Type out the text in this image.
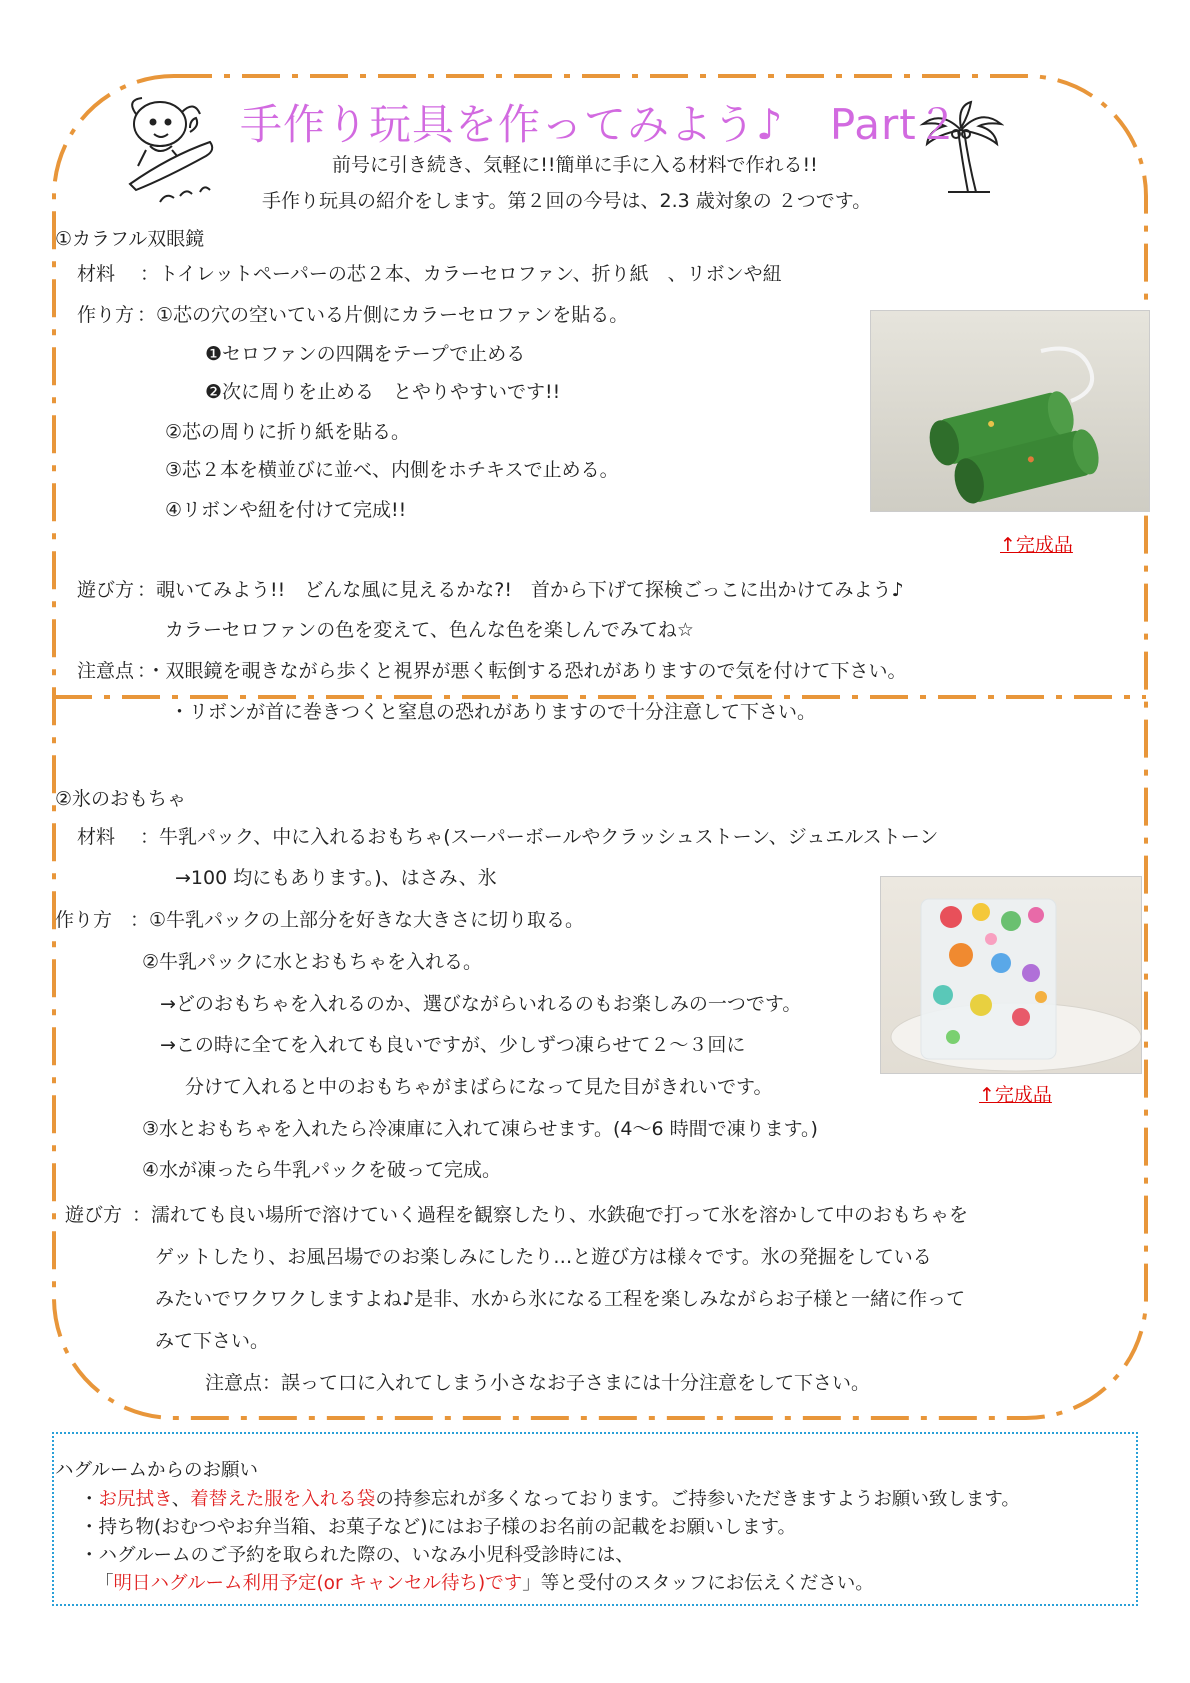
手作り玩具を作ってみよう♪ Part２
前号に引き続き、気軽に!!簡単に手に入る材料で作れる!!
手作り玩具の紹介をします。第２回の今号は、2.3 歳対象の ２つです。
①カラフル双眼鏡
材料 ：トイレットペーパーの芯２本、カラーセロファン、折り紙　、リボンや紐
作り方 ：①芯の穴の空いている片側にカラーセロファンを貼る。
❶セロファンの四隅をテープで止める
❷次に周りを止める　とやりやすいです!!
②芯の周りに折り紙を貼る。
③芯２本を横並びに並べ、内側をホチキスで止める。
④リボンや紐を付けて完成!!
↑完成品
遊び方 ：覗いてみよう!!　どんな風に見えるかな?!　首から下げて探検ごっこに出かけてみよう♪
カラーセロファンの色を変えて、色んな色を楽しんでみてね☆
注意点 ：・双眼鏡を覗きながら歩くと視界が悪く転倒する恐れがありますので気を付けて下さい。
・リボンが首に巻きつくと窒息の恐れがありますので十分注意して下さい。
②氷のおもちゃ
材料 ：牛乳パック、中に入れるおもちゃ(スーパーボールやクラッシュストーン、ジュエルストーン
→100 均にもあります。)、はさみ、氷
作り方 ：①牛乳パックの上部分を好きな大きさに切り取る。
②牛乳パックに水とおもちゃを入れる。
→どのおもちゃを入れるのか、選びながらいれるのもお楽しみの一つです。
→この時に全てを入れても良いですが、少しずつ凍らせて２～３回に
分けて入れると中のおもちゃがまばらになって見た目がきれいです。
③水とおもちゃを入れたら冷凍庫に入れて凍らせます。(4～6 時間で凍ります。)
④水が凍ったら牛乳パックを破って完成。
↑完成品
遊び方 ：濡れても良い場所で溶けていく過程を観察したり、水鉄砲で打って氷を溶かして中のおもちゃを
ゲットしたり、お風呂場でのお楽しみにしたり…と遊び方は様々です。氷の発掘をしている
みたいでワクワクしますよね♪是非、水から氷になる工程を楽しみながらお子様と一緒に作って
みて下さい。
注意点：誤って口に入れてしまう小さなお子さまには十分注意をして下さい。
ハグルームからのお願い
・お尻拭き、着替えた服を入れる袋の持参忘れが多くなっております。ご持参いただきますようお願い致します。
・持ち物(おむつやお弁当箱、お菓子など)にはお子様のお名前の記載をお願いします。
・ハグルームのご予約を取られた際の、いなみ小児科受診時には、
「明日ハグルーム利用予定(or キャンセル待ち)です」等と受付のスタッフにお伝えください。
